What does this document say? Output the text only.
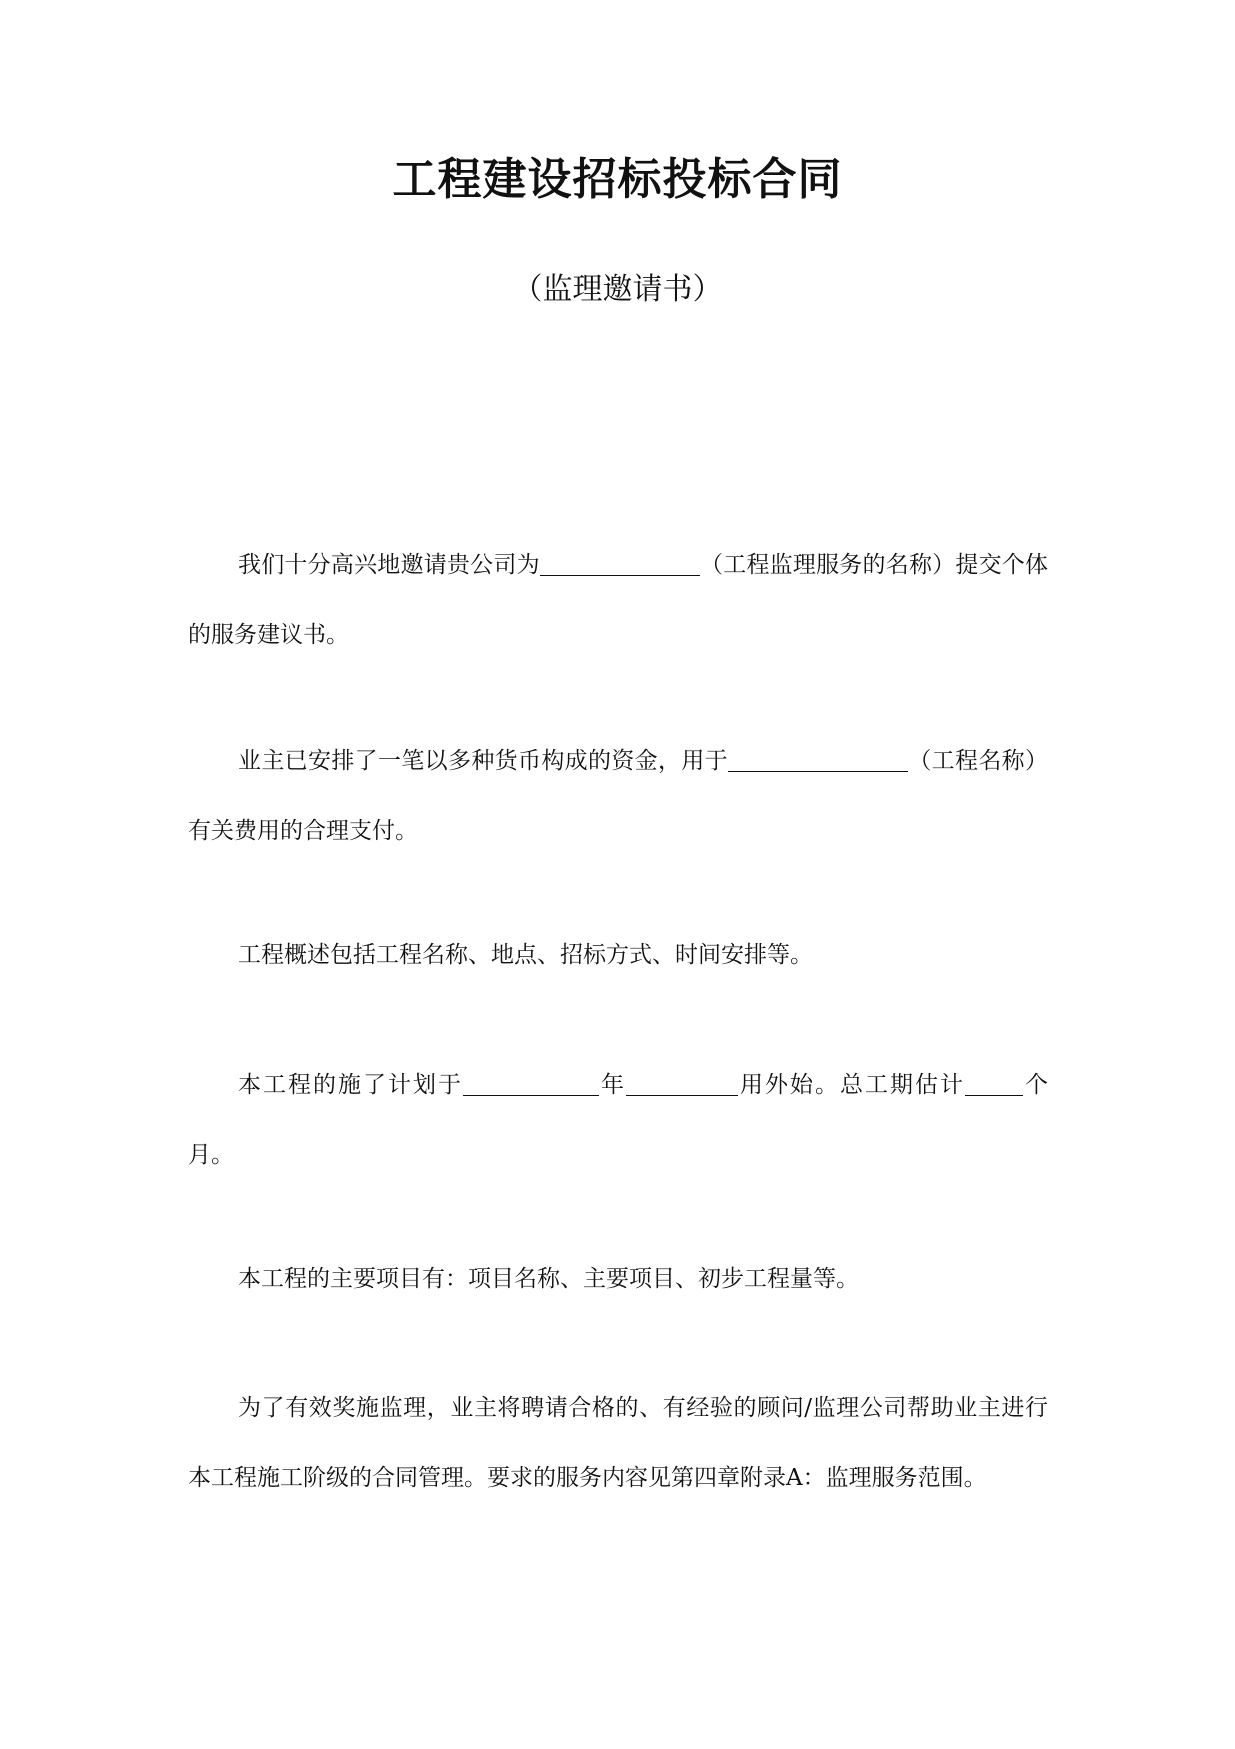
工程建设招标投标合同
（监理邀请书）

我们十分高兴地邀请贵公司为	（工程监理服务的名称）提交个体的服务建议书。

业主已安排了一笔以多种货币构成的资金，用于	（工程名称）有关费用的合理支付。

工程概述包括工程名称、地点、招标方式、时间安排等。

本工程的施了计划于	年	用外始。总工期估计	个月。

本工程的主要项目有：项目名称、主要项目、初步工程量等。

为了有效奖施监理，业主将聘请合格的、有经验的顾问/监理公司帮助业主进行本工程施工阶级的合同管理。要求的服务内容见第四章附录A：监理服务范围。
